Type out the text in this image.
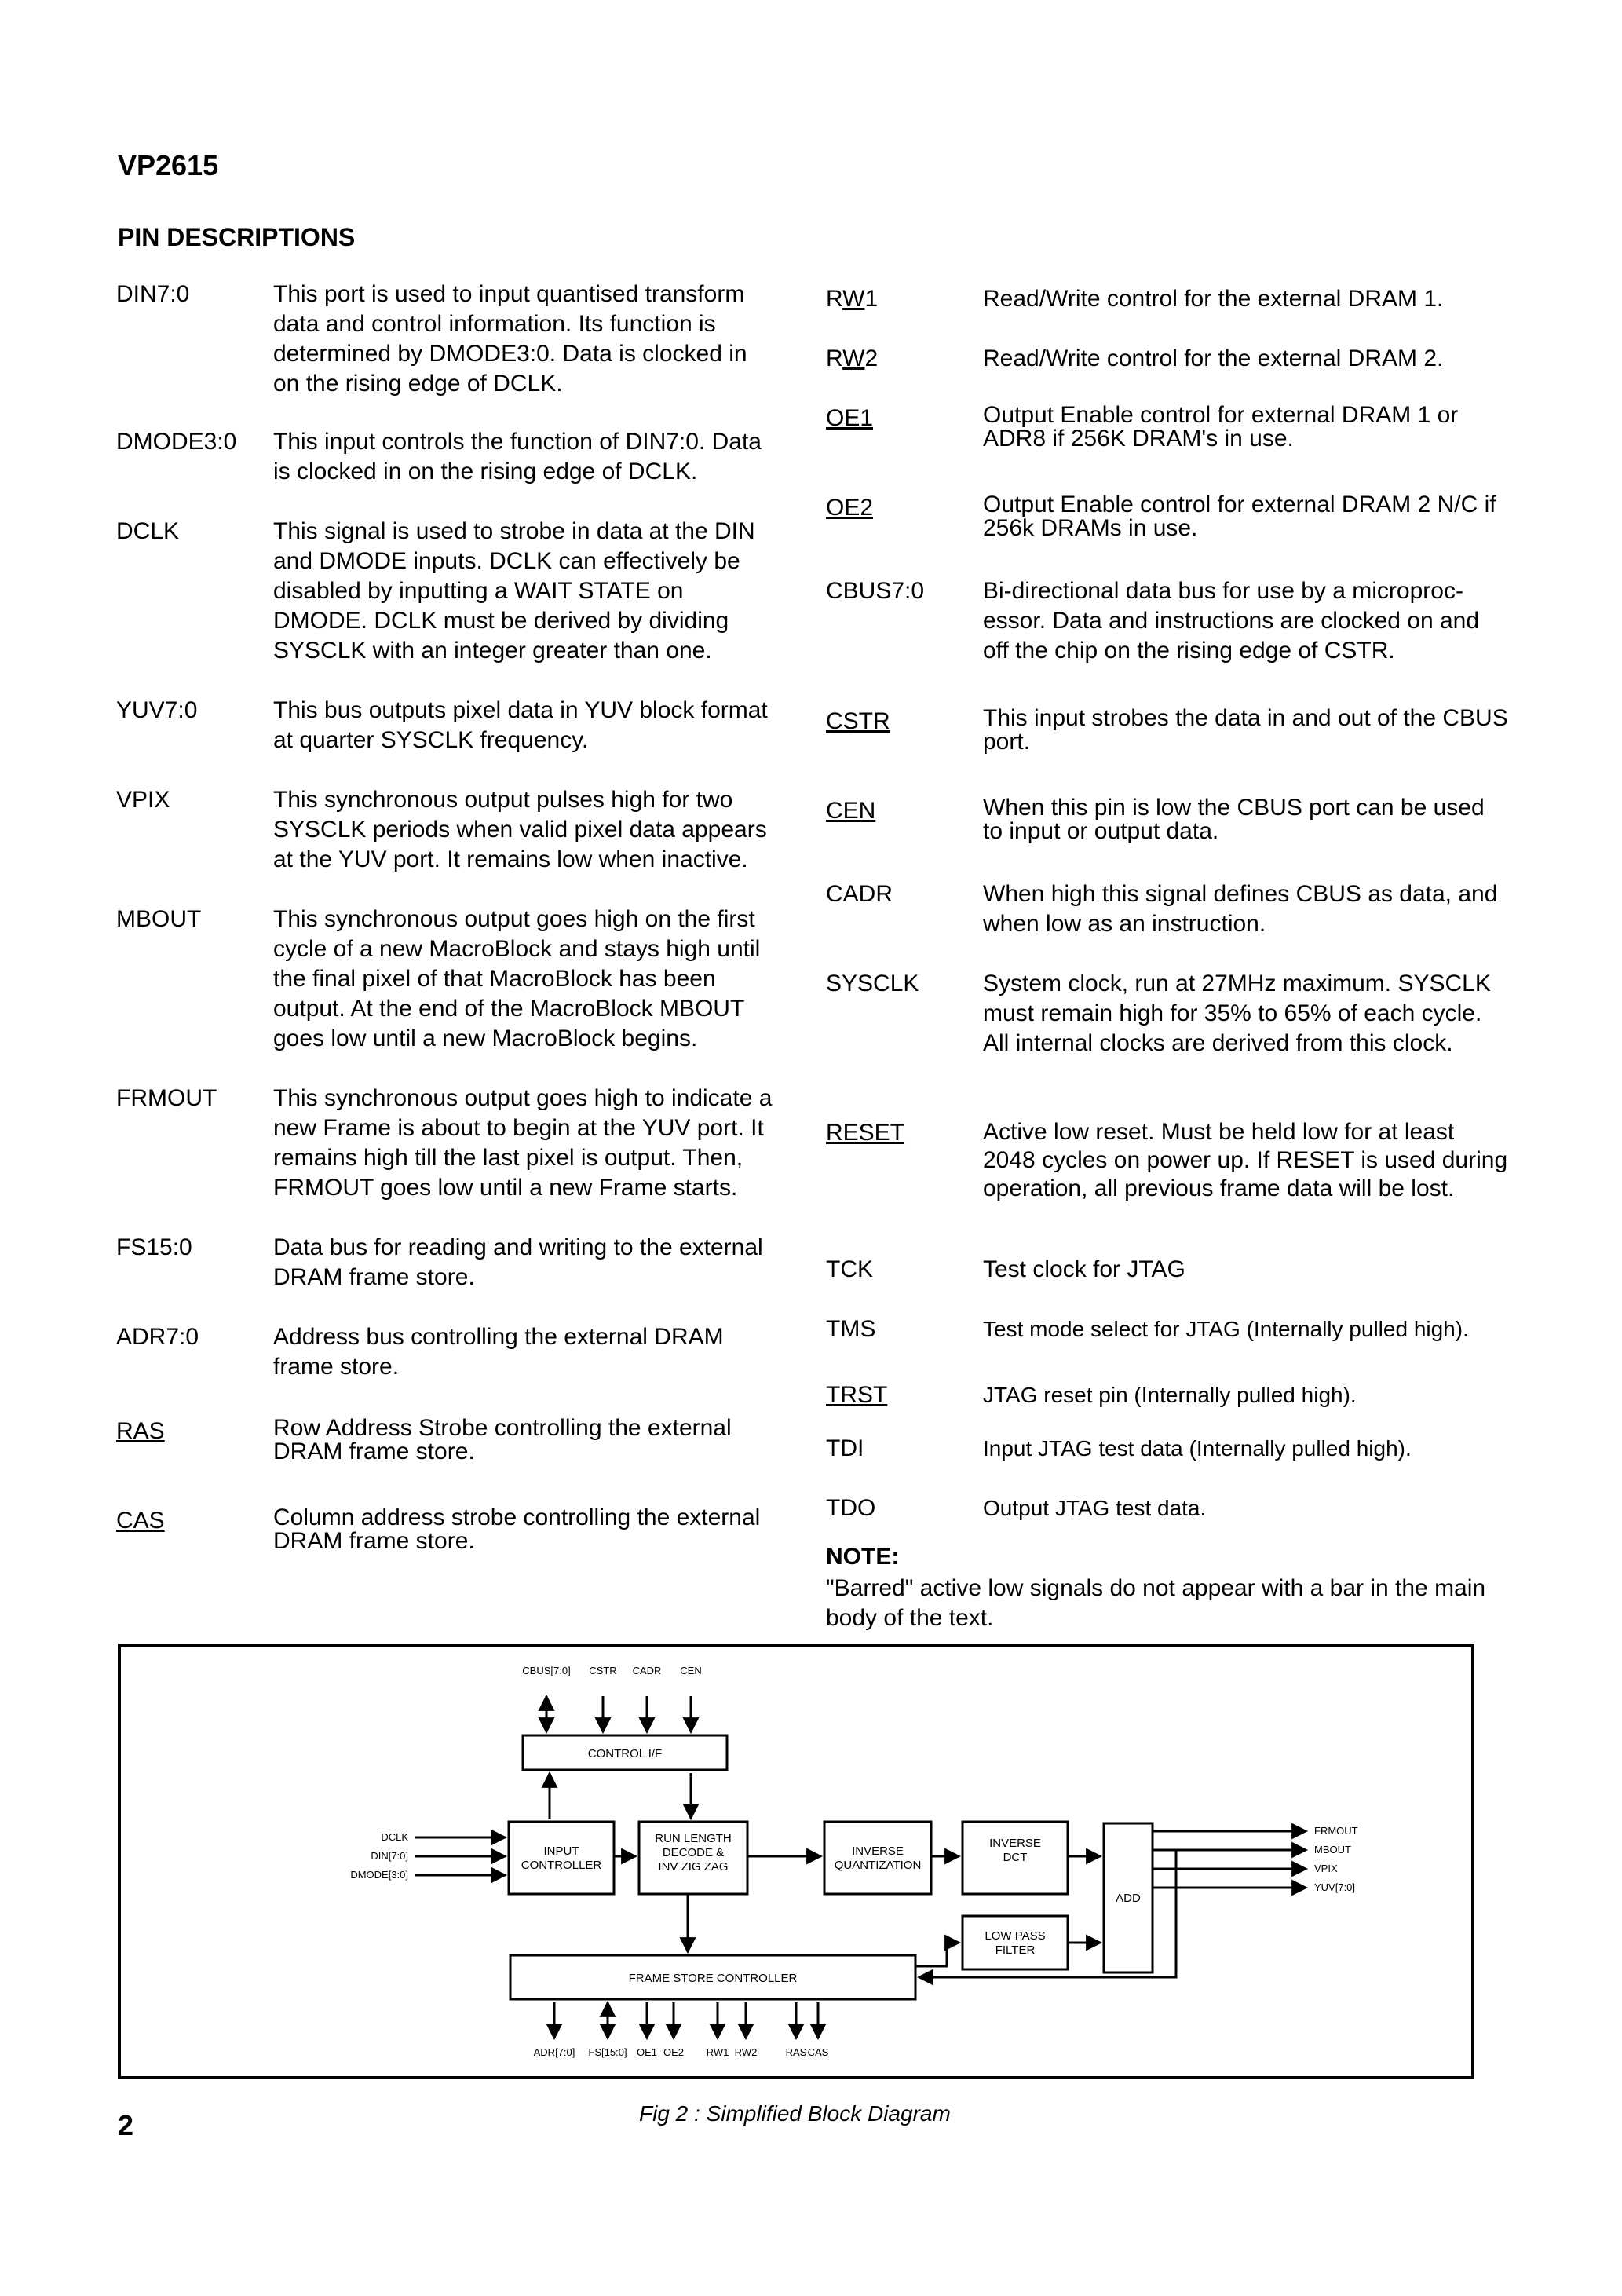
VP2615
PIN DESCRIPTIONS
DIN7:0	This port is used to input quantised transform data and control information. Its function is determined by DMODE3:0. Data is clocked in on the rising edge of DCLK.
DMODE3:0 This input controls the function of DIN7:0. Data is clocked in on the rising edge of DCLK.
DCLK	This signal is used to strobe in data at the DIN and DMODE inputs. DCLK can effectively be disabled by inputting a WAIT STATE on DMODE. DCLK must be derived by dividing SYSCLK with an integer greater than one.
YUV7:0	This bus outputs pixel data in YUV block format at quarter SYSCLK frequency.
VPIX	This synchronous output pulses high for two SYSCLK periods when valid pixel data appears at the YUV port. It remains low when inactive.
MBOUT	This synchronous output goes high on the first cycle of a new MacroBlock and stays high until the final pixel of that MacroBlock has been output. At the end of the MacroBlock MBOUT goes low until a new MacroBlock begins.
FRMOUT This synchronous output goes high to indicate a new Frame is about to begin at the YUV port. It remains high till the last pixel is output. Then, FRMOUT goes low until a new Frame starts.
FS15:0	Data bus for reading and writing to the external DRAM frame store.
ADR7:0	Address bus controlling the external DRAM frame store.
RAS	Row Address Strobe controlling the external DRAM frame store.
CAS	Column address strobe controlling the external DRAM frame store.
RW1	Read/Write control for the external DRAM 1.
RW2	Read/Write control for the external DRAM 2.
OE1	Output Enable control for external DRAM 1 or ADR8 if 256K DRAM's in use.
OE2	Output Enable control for external DRAM 2 N/C if 256k DRAMs in use.
CBUS7:0 Bi-directional data bus for use by a microproc-essor. Data and instructions are clocked on and off the chip on the rising edge of CSTR.
CSTR	This input strobes the data in and out of the CBUS port.
CEN	When this pin is low the CBUS port can be used to input or output data.
CADR	When high this signal defines CBUS as data, and when low as an instruction.
SYSCLK	System clock, run at 27MHz maximum. SYSCLK must remain high for 35% to 65% of each cycle. All internal clocks are derived from this clock.
RESET	Active low reset. Must be held low for at least 2048 cycles on power up. If RESET is used during operation, all previous frame data will be lost.
TCK	Test clock for JTAG
TMS	Test mode select for JTAG (Internally pulled high).
TRST	JTAG reset pin (Internally pulled high).
TDI	Input JTAG test data (Internally pulled high).
TDO	Output JTAG test data.
NOTE:
"Barred" active low signals do not appear with a bar in the main body of the text.
CBUS[7:0] CSTR CADR CEN
CONTROL I/F
INPUT
CONTROLLER
RUN LENGTH
DECODE &
INV ZIG ZAG
INVERSE
QUANTIZATION
INVERSE
DCT
LOW PASS
FILTER
ADD
FRAME STORE CONTROLLER
DCLK
DIN[7:0]
DMODE[3:0]
FRMOUT
MBOUT
VPIX
YUV[7:0]
ADR[7:0] FS[15:0] OE1 OE2 RW1 RW2	RAS CAS
Fig 2 : Simplified Block Diagram
2
